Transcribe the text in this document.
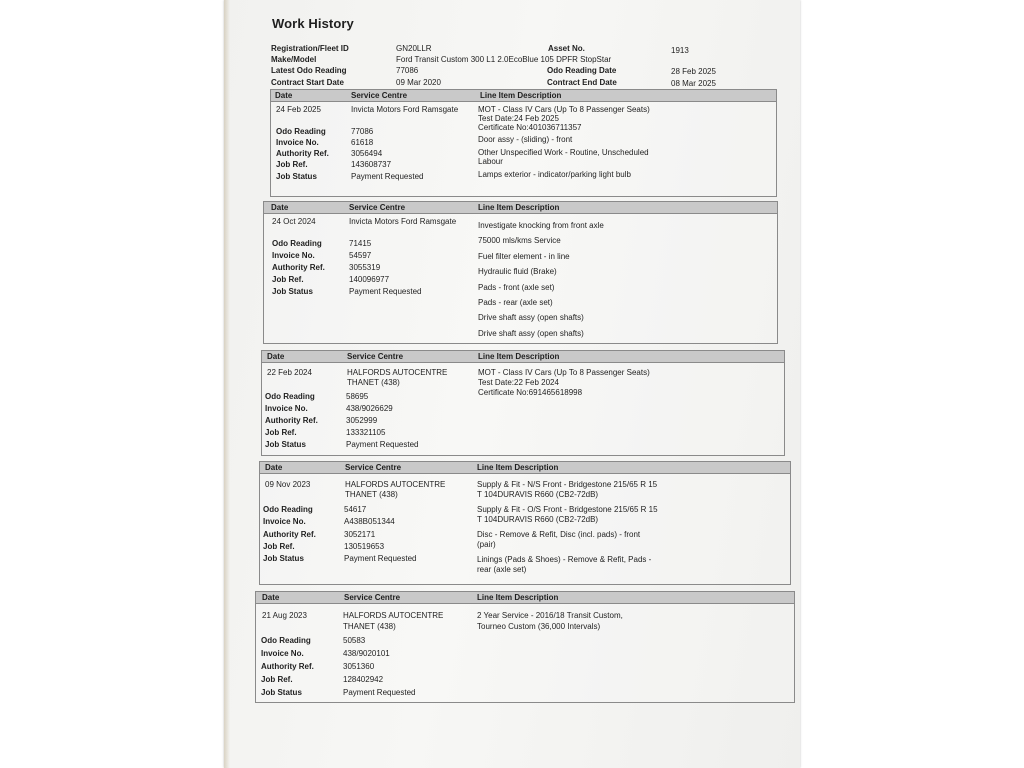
Work History
Registration/Fleet ID	GN20LLR	Asset No.	1913
Make/Model	Ford Transit Custom 300 L1 2.0EcoBlue 105 DPFR StopStar
Latest Odo Reading	77086	Odo Reading Date	28 Feb 2025
Contract Start Date	09 Mar 2020	Contract End Date	08 Mar 2025
Date	Service Centre	Line Item Description
24 Feb 2025	Invicta Motors Ford Ramsgate
Odo Reading	77086
Invoice No.	61618
Authority Ref.	3056494
Job Ref.	143608737
Job Status	Payment Requested
MOT - Class IV Cars (Up To 8 Passenger Seats)
Test Date:24 Feb 2025
Certificate No:401036711357
Door assy - (sliding) - front
Other Unspecified Work - Routine, Unscheduled
Labour
Lamps exterior - indicator/parking light bulb
Date	Service Centre	Line Item Description
24 Oct 2024	Invicta Motors Ford Ramsgate
Odo Reading	71415
Invoice No.	54597
Authority Ref.	3055319
Job Ref.	140096977
Job Status	Payment Requested
Investigate knocking from front axle
75000 mls/kms Service
Fuel filter element - in line
Hydraulic fluid (Brake)
Pads - front (axle set)
Pads - rear (axle set)
Drive shaft assy (open shafts)
Drive shaft assy (open shafts)
Date	Service Centre	Line Item Description
22 Feb 2024	HALFORDS AUTOCENTRE
THANET (438)
Odo Reading	58695
Invoice No.	438/9026629
Authority Ref.	3052999
Job Ref.	133321105
Job Status	Payment Requested
MOT - Class IV Cars (Up To 8 Passenger Seats)
Test Date:22 Feb 2024
Certificate No:691465618998
Date	Service Centre	Line Item Description
09 Nov 2023	HALFORDS AUTOCENTRE
THANET (438)
Odo Reading	54617
Invoice No.	A438B051344
Authority Ref.	3052171
Job Ref.	130519653
Job Status	Payment Requested
Supply & Fit - N/S Front - Bridgestone 215/65 R 15
T 104DURAVIS R660 (CB2-72dB)
Supply & Fit - O/S Front - Bridgestone 215/65 R 15
T 104DURAVIS R660 (CB2-72dB)
Disc - Remove & Refit, Disc (incl. pads) - front
(pair)
Linings (Pads & Shoes) - Remove & Refit, Pads -
rear (axle set)
Date	Service Centre	Line Item Description
21 Aug 2023	HALFORDS AUTOCENTRE
THANET (438)
Odo Reading	50583
Invoice No.	438/9020101
Authority Ref.	3051360
Job Ref.	128402942
Job Status	Payment Requested
2 Year Service - 2016/18 Transit Custom,
Tourneo Custom (36,000 Intervals)
